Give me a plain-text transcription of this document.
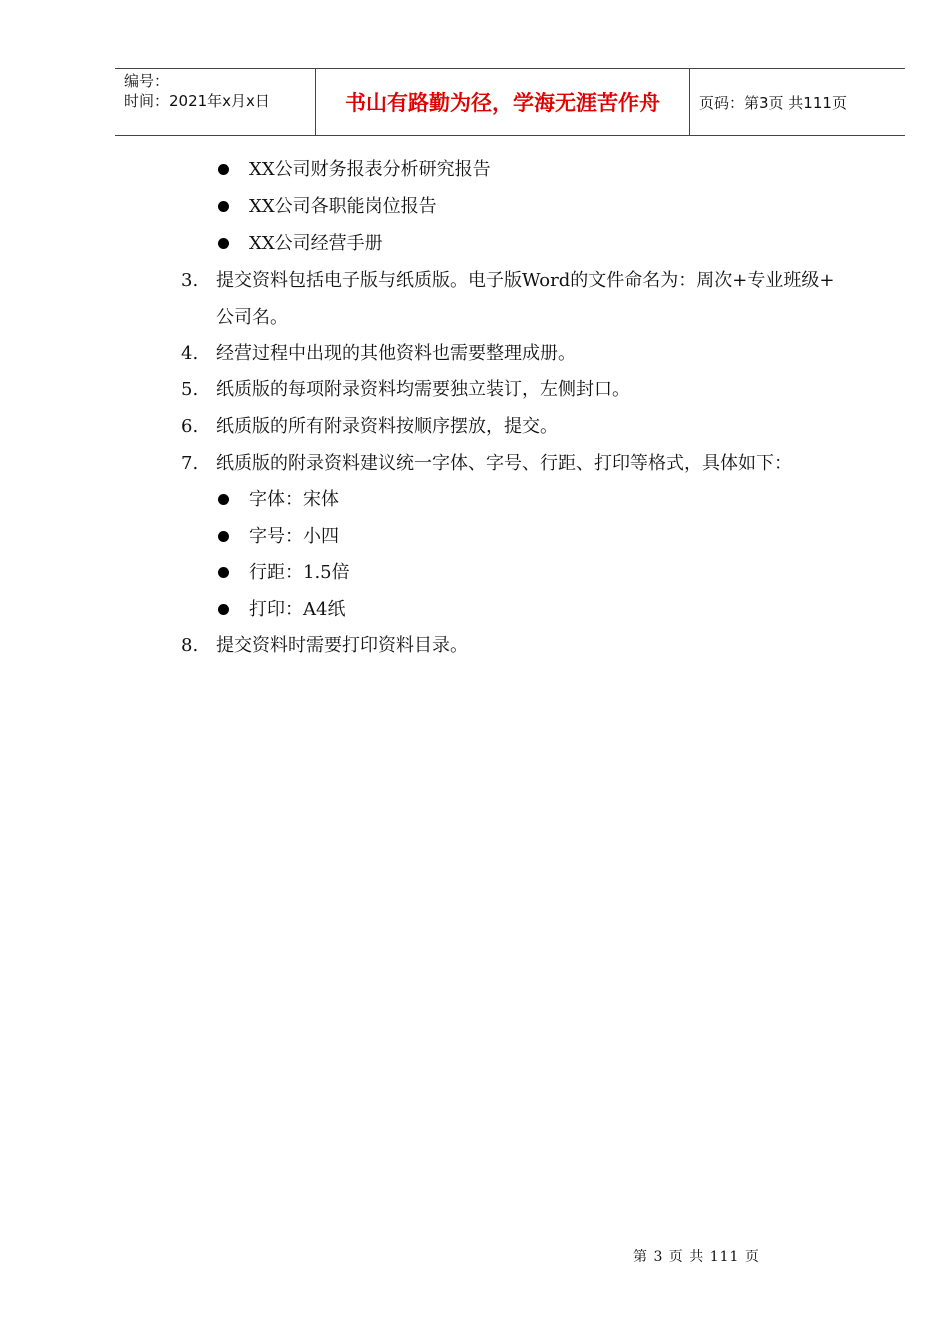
编号：
时间：2021年x月x日	书山有路勤为径，学海无涯苦作舟	页码：第3页 共111页
XX公司财务报表分析研究报告
XX公司各职能岗位报告
XX公司经营手册
3. 提交资料包括电子版与纸质版。电子版Word的文件命名为：周次+专业班级+
公司名。
4. 经营过程中出现的其他资料也需要整理成册。
5. 纸质版的每项附录资料均需要独立装订，左侧封口。
6. 纸质版的所有附录资料按顺序摆放，提交。
7. 纸质版的附录资料建议统一字体、字号、行距、打印等格式，具体如下：
字体：宋体
字号：小四
行距：1.5倍
打印：A4纸
8. 提交资料时需要打印资料目录。
第 3 页 共 111 页
